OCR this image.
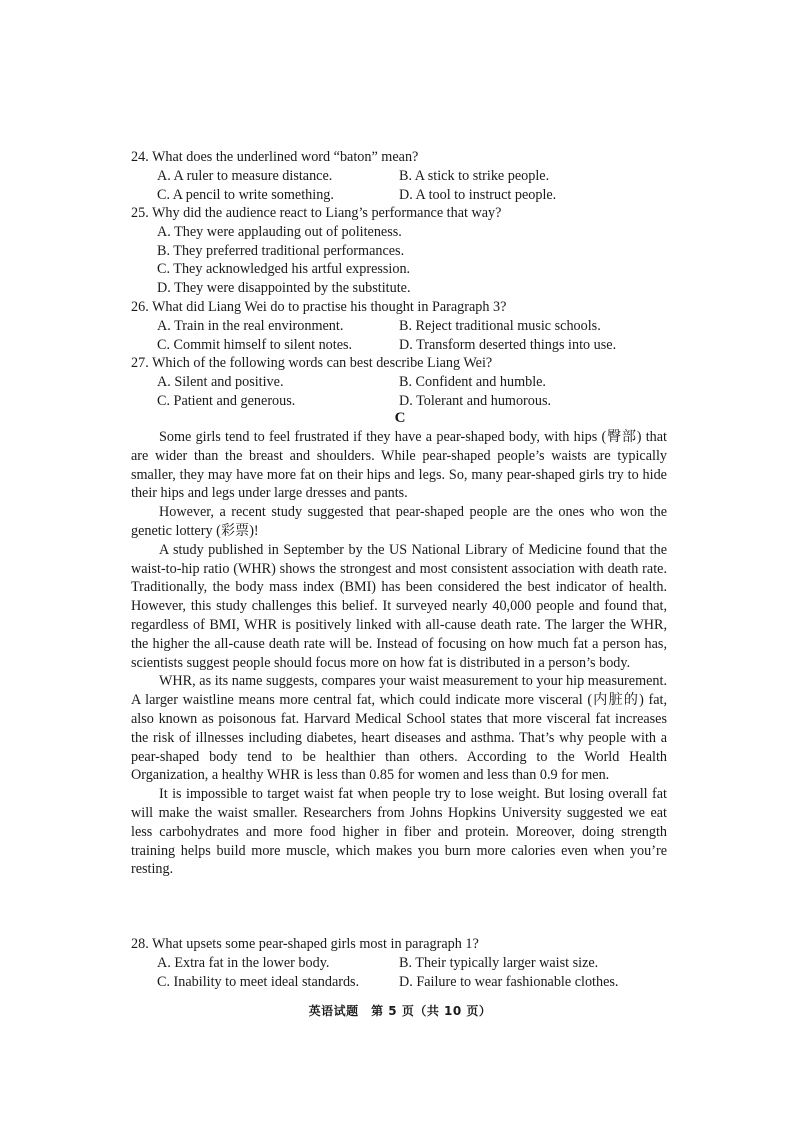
24. What does the underlined word “baton” mean?
A. A ruler to measure distance.	B. A stick to strike people.
C. A pencil to write something.	D. A tool to instruct people.
25. Why did the audience react to Liang’s performance that way?
A. They were applauding out of politeness.
B. They preferred traditional performances.
C. They acknowledged his artful expression.
D. They were disappointed by the substitute.
26. What did Liang Wei do to practise his thought in Paragraph 3?
A. Train in the real environment.	B. Reject traditional music schools.
C. Commit himself to silent notes.	D. Transform deserted things into use.
27. Which of the following words can best describe Liang Wei?
A. Silent and positive.	B. Confident and humble.
C. Patient and generous.	D. Tolerant and humorous.
C

Some girls tend to feel frustrated if they have a pear-shaped body, with hips (臀部) that are wider than the breast and shoulders. While pear-shaped people’s waists are typically smaller, they may have more fat on their hips and legs. So, many pear-shaped girls try to hide their hips and legs under large dresses and pants.

However, a recent study suggested that pear-shaped people are the ones who won the genetic lottery (彩票)!

A study published in September by the US National Library of Medicine found that the waist-to-hip ratio (WHR) shows the strongest and most consistent association with death rate. Traditionally, the body mass index (BMI) has been considered the best indicator of health. However, this study challenges this belief. It surveyed nearly 40,000 people and found that, regardless of BMI, WHR is positively linked with all-cause death rate. The larger the WHR, the higher the all-cause death rate will be. Instead of focusing on how much fat a person has, scientists suggest people should focus more on how fat is distributed in a person’s body.

WHR, as its name suggests, compares your waist measurement to your hip measurement. A larger waistline means more central fat, which could indicate more visceral (内脏的) fat, also known as poisonous fat. Harvard Medical School states that more visceral fat increases the risk of illnesses including diabetes, heart diseases and asthma. That’s why people with a pear-shaped body tend to be healthier than others. According to the World Health Organization, a healthy WHR is less than 0.85 for women and less than 0.9 for men.

It is impossible to target waist fat when people try to lose weight. But losing overall fat will make the waist smaller. Researchers from Johns Hopkins University suggested we eat less carbohydrates and more food higher in fiber and protein. Moreover, doing strength training helps build more muscle, which makes you burn more calories even when you’re resting.

28. What upsets some pear-shaped girls most in paragraph 1?
A. Extra fat in the lower body.	B. Their typically larger waist size.
C. Inability to meet ideal standards.	D. Failure to wear fashionable clothes.
英语试题　第 5 页（共 10 页）
